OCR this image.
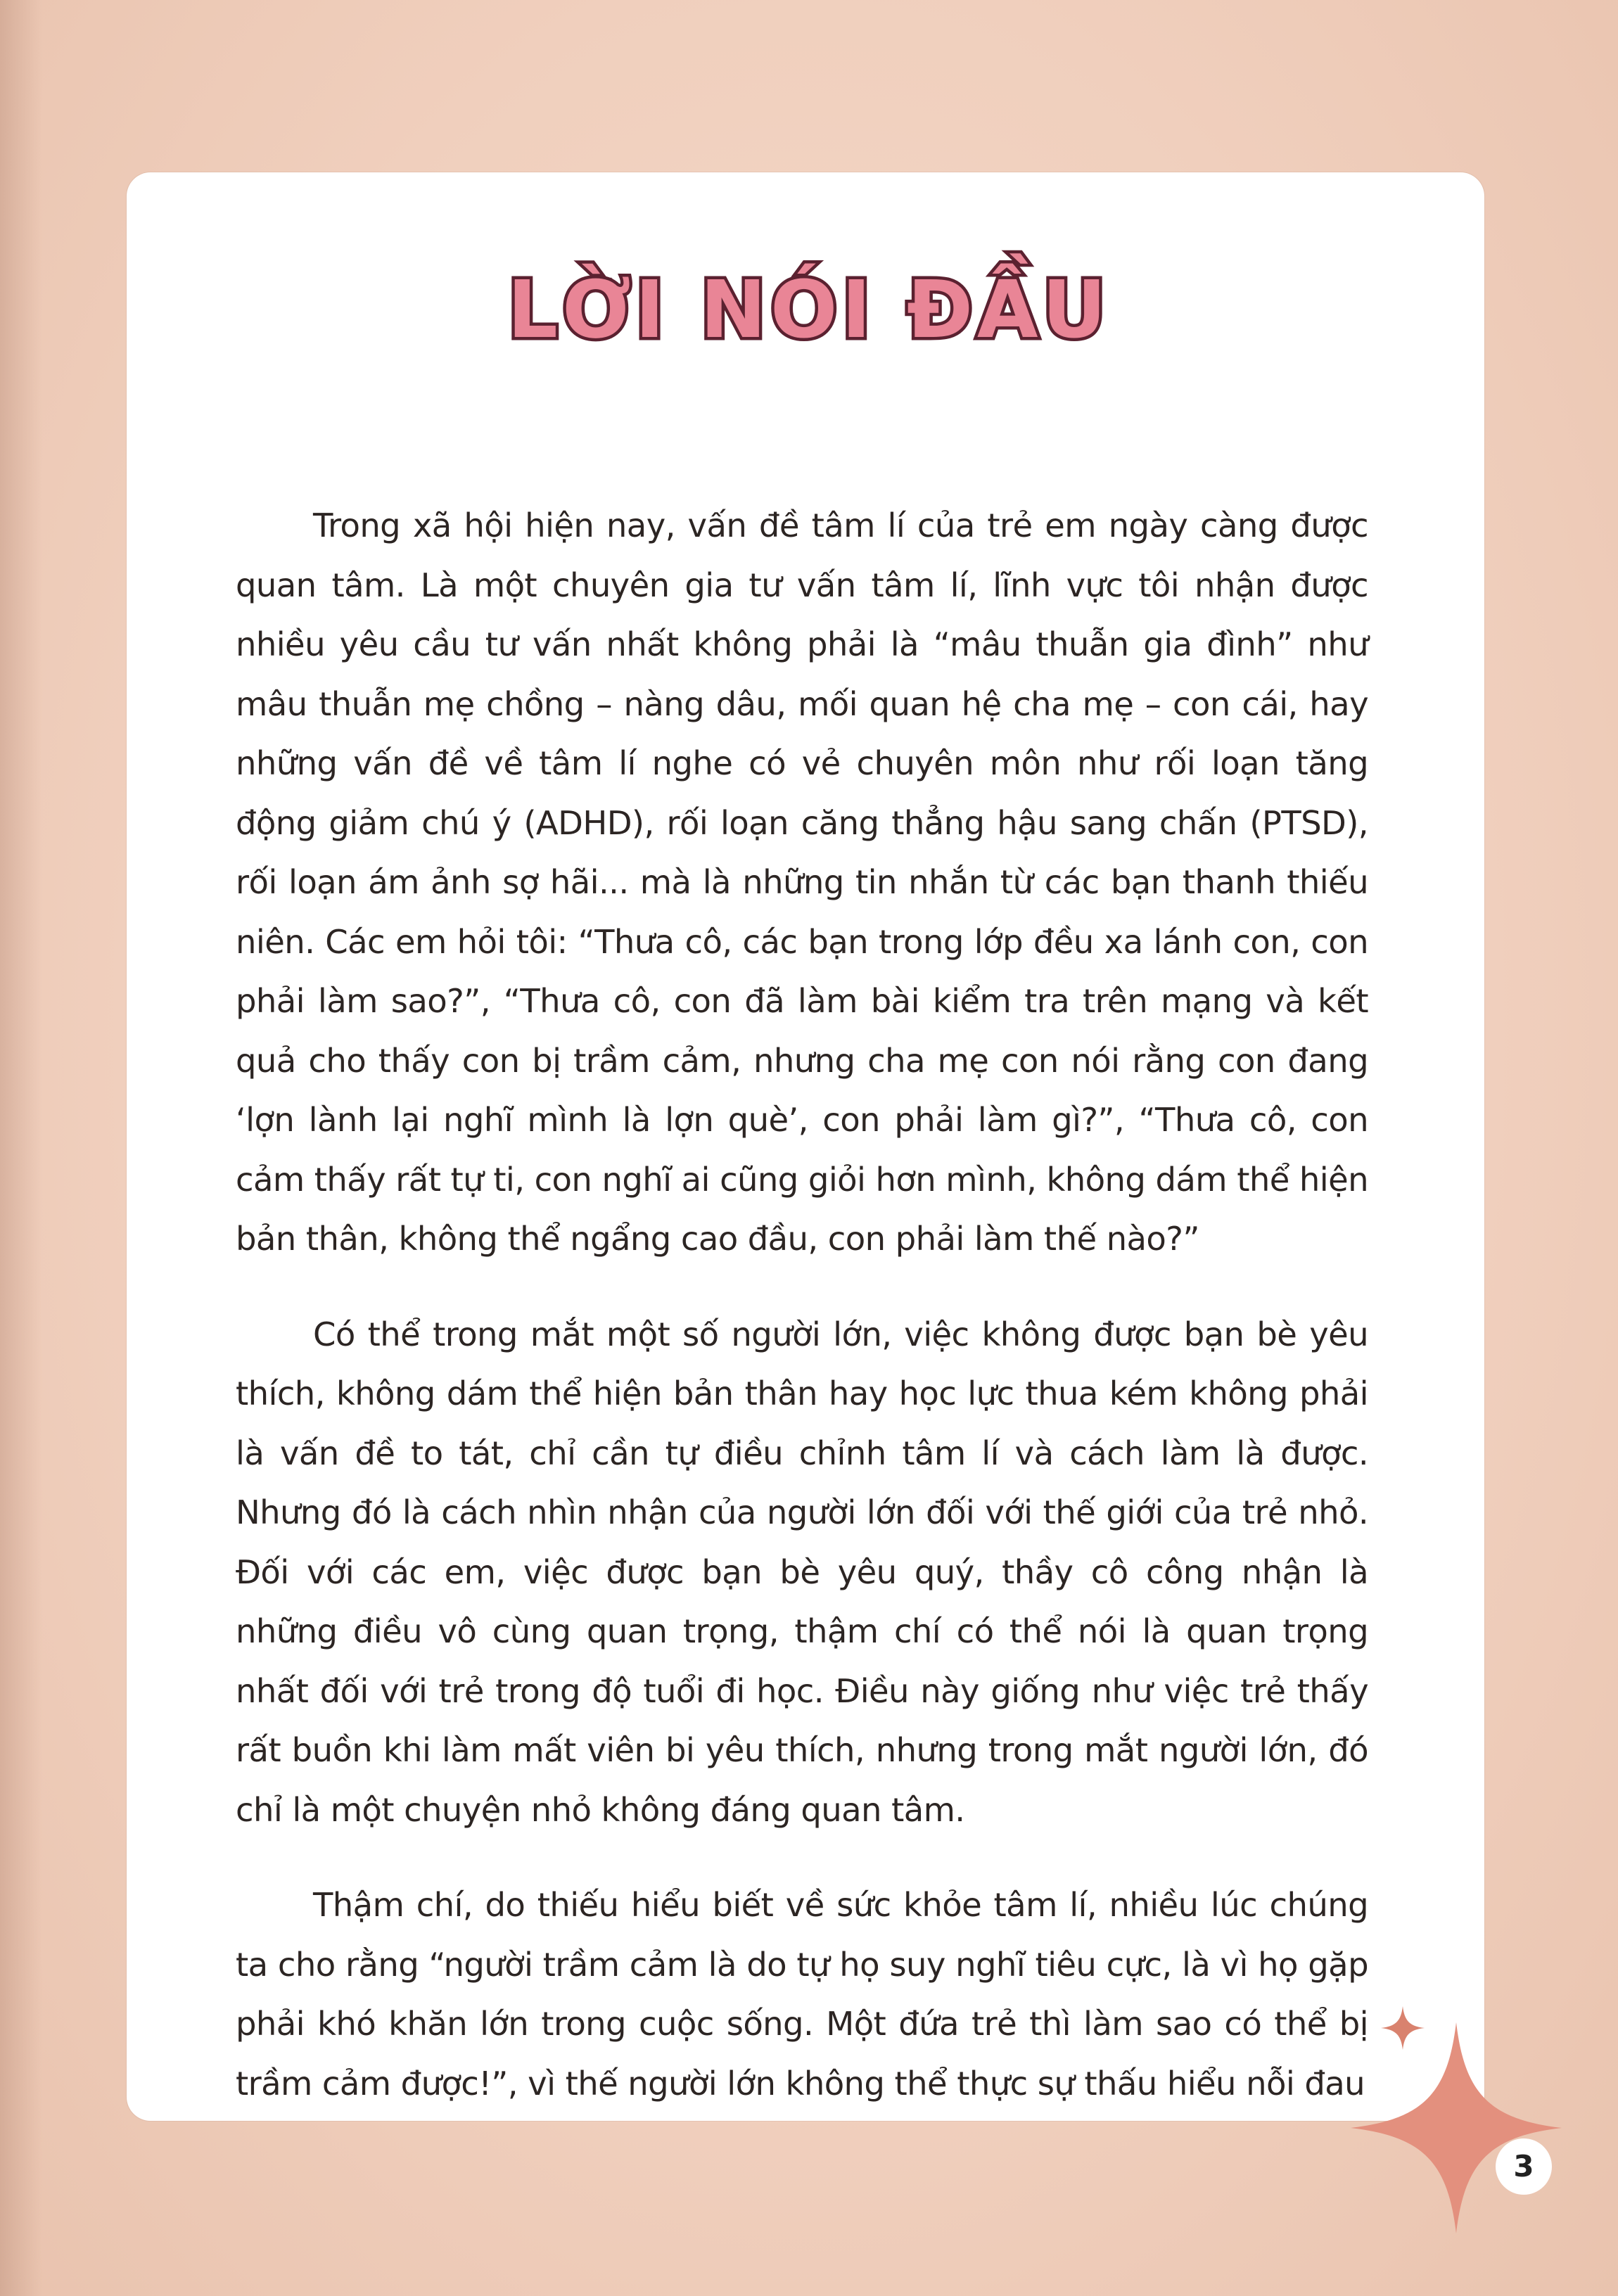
LỜI NÓI ĐẦU

Trong xã hội hiện nay, vấn đề tâm lí của trẻ em ngày càng được quan tâm. Là một chuyên gia tư vấn tâm lí, lĩnh vực tôi nhận được nhiều yêu cầu tư vấn nhất không phải là “mâu thuẫn gia đình” như mâu thuẫn mẹ chồng – nàng dâu, mối quan hệ cha mẹ – con cái, hay những vấn đề về tâm lí nghe có vẻ chuyên môn như rối loạn tăng động giảm chú ý (ADHD), rối loạn căng thẳng hậu sang chấn (PTSD), rối loạn ám ảnh sợ hãi... mà là những tin nhắn từ các bạn thanh thiếu niên. Các em hỏi tôi: “Thưa cô, các bạn trong lớp đều xa lánh con, con phải làm sao?”, “Thưa cô, con đã làm bài kiểm tra trên mạng và kết quả cho thấy con bị trầm cảm, nhưng cha mẹ con nói rằng con đang ‘lợn lành lại nghĩ mình là lợn què’, con phải làm gì?”, “Thưa cô, con cảm thấy rất tự ti, con nghĩ ai cũng giỏi hơn mình, không dám thể hiện bản thân, không thể ngẩng cao đầu, con phải làm thế nào?”

Có thể trong mắt một số người lớn, việc không được bạn bè yêu thích, không dám thể hiện bản thân hay học lực thua kém không phải là vấn đề to tát, chỉ cần tự điều chỉnh tâm lí và cách làm là được. Nhưng đó là cách nhìn nhận của người lớn đối với thế giới của trẻ nhỏ. Đối với các em, việc được bạn bè yêu quý, thầy cô công nhận là những điều vô cùng quan trọng, thậm chí có thể nói là quan trọng nhất đối với trẻ trong độ tuổi đi học. Điều này giống như việc trẻ thấy rất buồn khi làm mất viên bi yêu thích, nhưng trong mắt người lớn, đó chỉ là một chuyện nhỏ không đáng quan tâm.

Thậm chí, do thiếu hiểu biết về sức khỏe tâm lí, nhiều lúc chúng ta cho rằng “người trầm cảm là do tự họ suy nghĩ tiêu cực, là vì họ gặp phải khó khăn lớn trong cuộc sống. Một đứa trẻ thì làm sao có thể bị trầm cảm được!”, vì thế người lớn không thể thực sự thấu hiểu nỗi đau

3
